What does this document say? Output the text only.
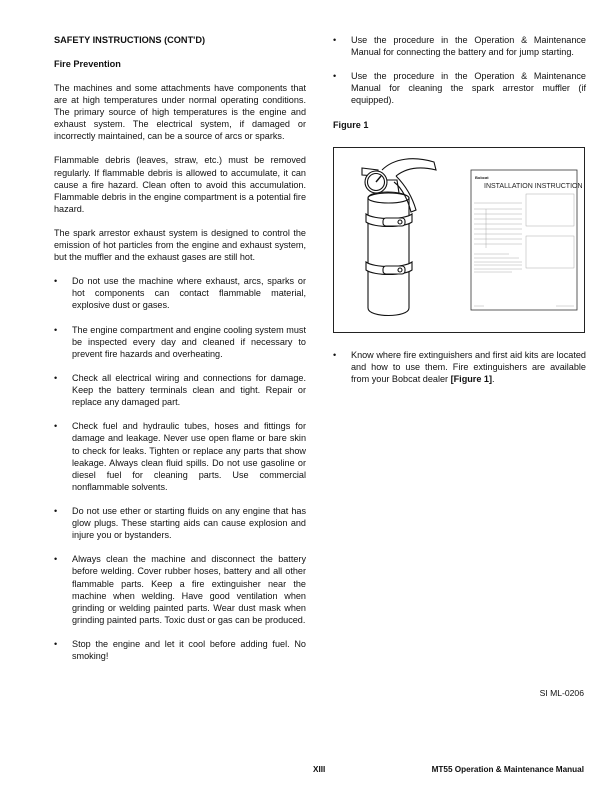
SAFETY INSTRUCTIONS (CONT'D)
Fire Prevention

The machines and some attachments have components that are at high temperatures under normal operating conditions. The primary source of high temperatures is the engine and exhaust system. The electrical system, if damaged or incorrectly maintained, can be a source of arcs or sparks.

Flammable debris (leaves, straw, etc.) must be removed regularly. If flammable debris is allowed to accumulate, it can cause a fire hazard. Clean often to avoid this accumulation. Flammable debris in the engine compartment is a potential fire hazard.

The spark arrestor exhaust system is designed to control the emission of hot particles from the engine and exhaust system, but the muffler and the exhaust gases are still hot.

• Do not use the machine where exhaust, arcs, sparks or hot components can contact flammable material, explosive dust or gases.
• The engine compartment and engine cooling system must be inspected every day and cleaned if necessary to prevent fire hazards and overheating.
• Check all electrical wiring and connections for damage. Keep the battery terminals clean and tight. Repair or replace any damaged part.
• Check fuel and hydraulic tubes, hoses and fittings for damage and leakage. Never use open flame or bare skin to check for leaks. Tighten or replace any parts that show leakage. Always clean fluid spills. Do not use gasoline or diesel fuel for cleaning parts. Use commercial nonflammable solvents.
• Do not use ether or starting fluids on any engine that has glow plugs. These starting aids can cause explosion and injure you or bystanders.
• Always clean the machine and disconnect the battery before welding. Cover rubber hoses, battery and all other flammable parts. Keep a fire extinguisher near the machine when welding. Have good ventilation when grinding or welding painted parts. Wear dust mask when grinding painted parts. Toxic dust or gas can be produced.
• Stop the engine and let it cool before adding fuel. No smoking!
• Use the procedure in the Operation & Maintenance Manual for connecting the battery and for jump starting.
• Use the procedure in the Operation & Maintenance Manual for cleaning the spark arrestor muffler (if equipped).
Figure 1
Bobcat
INSTALLATION INSTRUCTION
• Know where fire extinguishers and first aid kits are located and how to use them. Fire extinguishers are available from your Bobcat dealer [Figure 1].
SI ML-0206
XIII	MT55 Operation & Maintenance Manual
